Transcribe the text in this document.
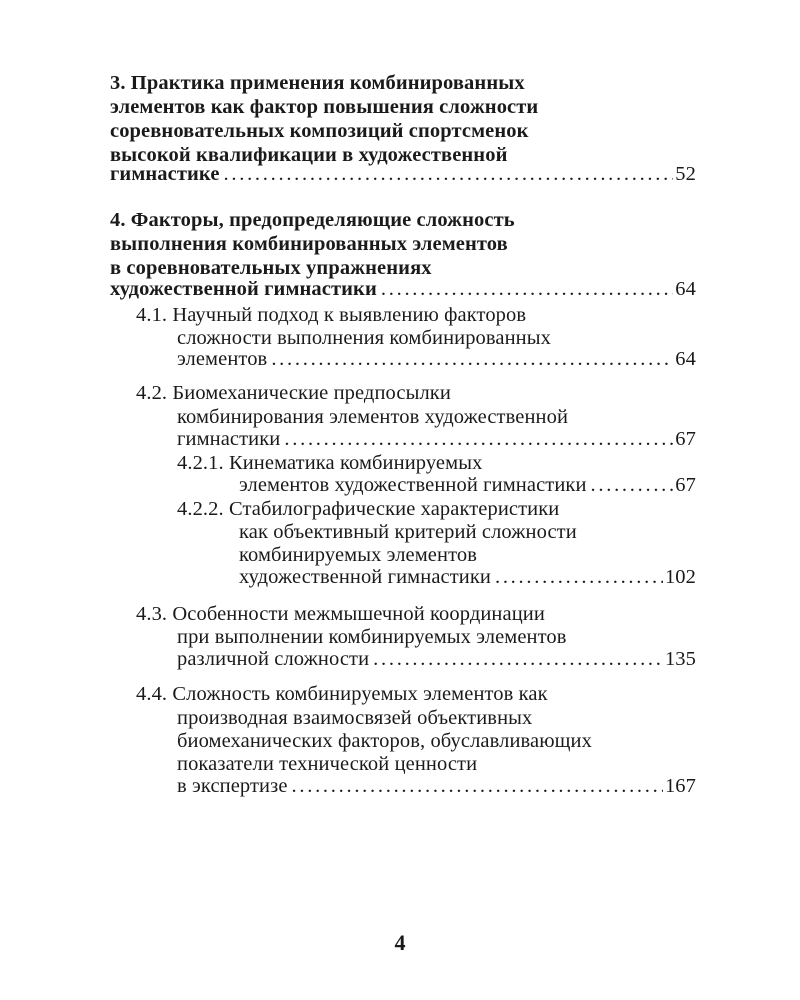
3. Практика применения комбинированных
элементов как фактор повышения сложности
соревновательных композиций спортсменок
высокой квалификации в художественной
гимнастике . . .	52
4. Факторы, предопределяющие сложность
выполнения комбинированных элементов
в соревновательных упражнениях
художественной гимнастики . . .	64
4.1. Научный подход к выявлению факторов
сложности выполнения комбинированных
элементов . . .	64
4.2. Биомеханические предпосылки
комбинирования элементов художественной
гимнастики . . .	67
4.2.1. Кинематика комбинируемых
элементов художественной гимнастики . . .	67
4.2.2. Стабилографические характеристики
как объективный критерий сложности
комбинируемых элементов
художественной гимнастики . . .	102
4.3. Особенности межмышечной координации
при выполнении комбинируемых элементов
различной сложности . . .	135
4.4. Сложность комбинируемых элементов как
производная взаимосвязей объективных
биомеханических факторов, обуславливающих
показатели технической ценности
в экспертизе . . .	167
4
